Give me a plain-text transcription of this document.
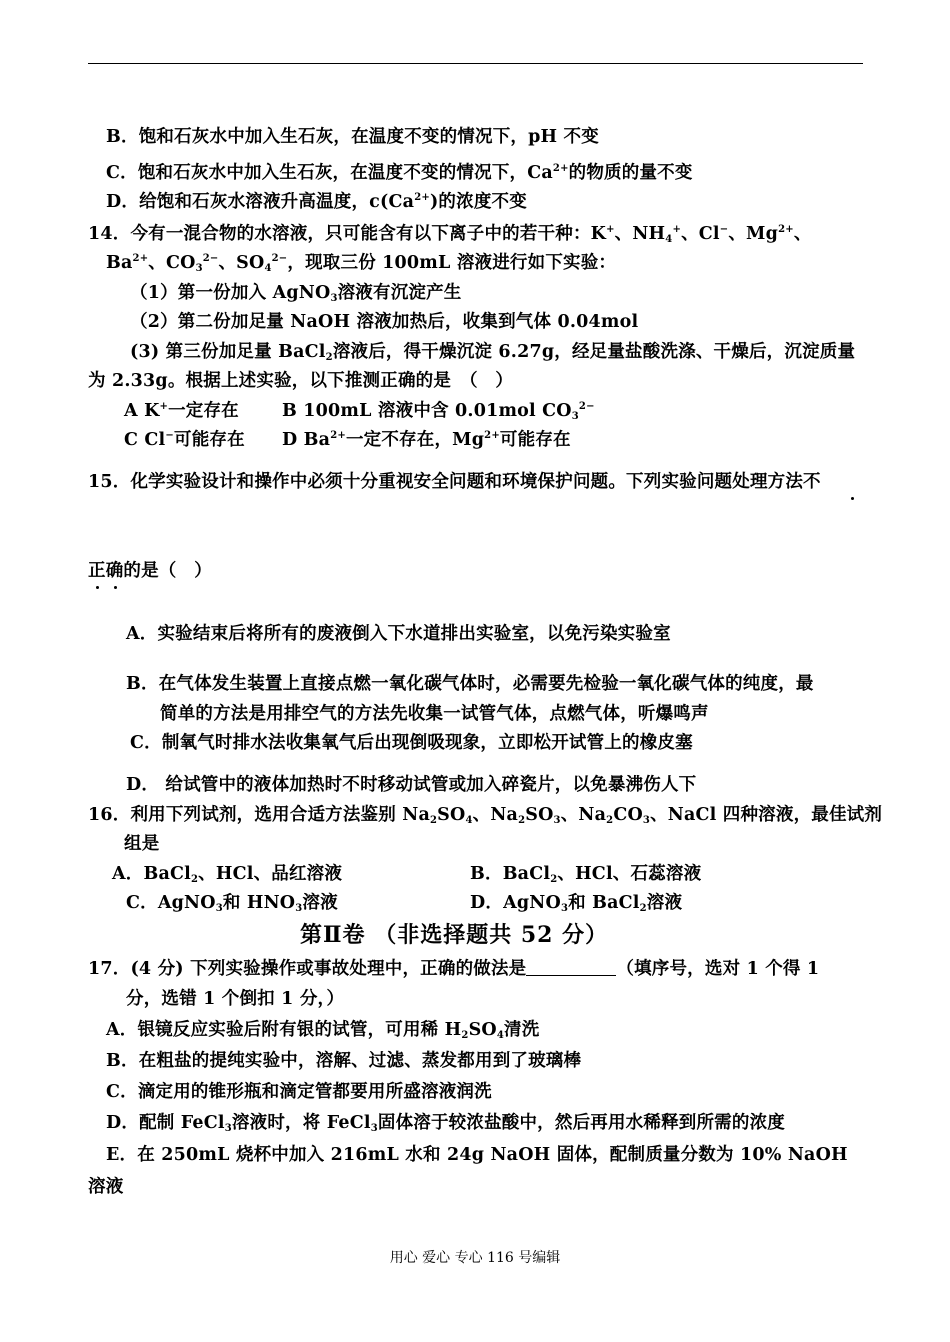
B．饱和石灰水中加入生石灰，在温度不变的情况下，pH 不变
C．饱和石灰水中加入生石灰，在温度不变的情况下，$Ca^{2+}$的物质的量不变
D．给饱和石灰水溶液升高温度，$c(Ca^{2+})$的浓度不变
14．今有一混合物的水溶液，只可能含有以下离子中的若干种：K+、$NH_4^+$、Cl−、$Mg^{2+}$、
$Ba^{2+}$、$CO_3^{2-}$、$SO_4^{2-}$，现取三份 100mL 溶液进行如下实验：
（1）第一份加入 AgNO$_3$溶液有沉淀产生
（2）第二份加足量 NaOH 溶液加热后，收集到气体 0.04mol
(3) 第三份加足量 BaCl$_2$溶液后，得干燥沉淀 6.27g，经足量盐酸洗涤、干燥后，沉淀质量
为 2.33g。根据上述实验，以下推测正确的是　（　）
A K+一定存在 B 100mL 溶液中含 0.01mol $CO_3^{2-}$
C Cl−可能存在 D $Ba^{2+}$一定不存在，$Mg^{2+}$可能存在
15．化学实验设计和操作中必须十分重视安全问题和环境保护问题。下列实验问题处理方法不
正确的是（　）
A．实验结束后将所有的废液倒入下水道排出实验室，以免污染实验室
B．在气体发生装置上直接点燃一氧化碳气体时，必需要先检验一氧化碳气体的纯度，最
简单的方法是用排空气的方法先收集一试管气体，点燃气体，听爆鸣声
C．制氧气时排水法收集氧气后出现倒吸现象，立即松开试管上的橡皮塞
D． 给试管中的液体加热时不时移动试管或加入碎瓷片，以免暴沸伤人下
16．利用下列试剂，选用合适方法鉴别 $Na_2SO_4$、$Na_2SO_3$、$Na_2CO_3$、NaCl 四种溶液，最佳试剂
组是
A．BaCl$_2$、HCl、品红溶液	B．BaCl$_2$、HCl、石蕊溶液
C．AgNO$_3$和 $HNO_3$溶液	D．AgNO$_3$和 BaCl$_2$溶液
第Ⅱ卷 （非选择题共 52 分）
17．(4 分) 下列实验操作或事故处理中，正确的做法是	（填序号，选对 1 个得 1
分，选错 1 个倒扣 1 分，）
A．银镜反应实验后附有银的试管，可用稀 $H_2SO_4$清洗
B．在粗盐的提纯实验中，溶解、过滤、蒸发都用到了玻璃棒
C．滴定用的锥形瓶和滴定管都要用所盛溶液润洗
D．配制 FeCl$_3$溶液时，将 FeCl$_3$固体溶于较浓盐酸中，然后再用水稀释到所需的浓度
E．在 250mL 烧杯中加入 216mL 水和 24g NaOH 固体，配制质量分数为 10% NaOH
溶液
用心 爱心 专心 116 号编辑
